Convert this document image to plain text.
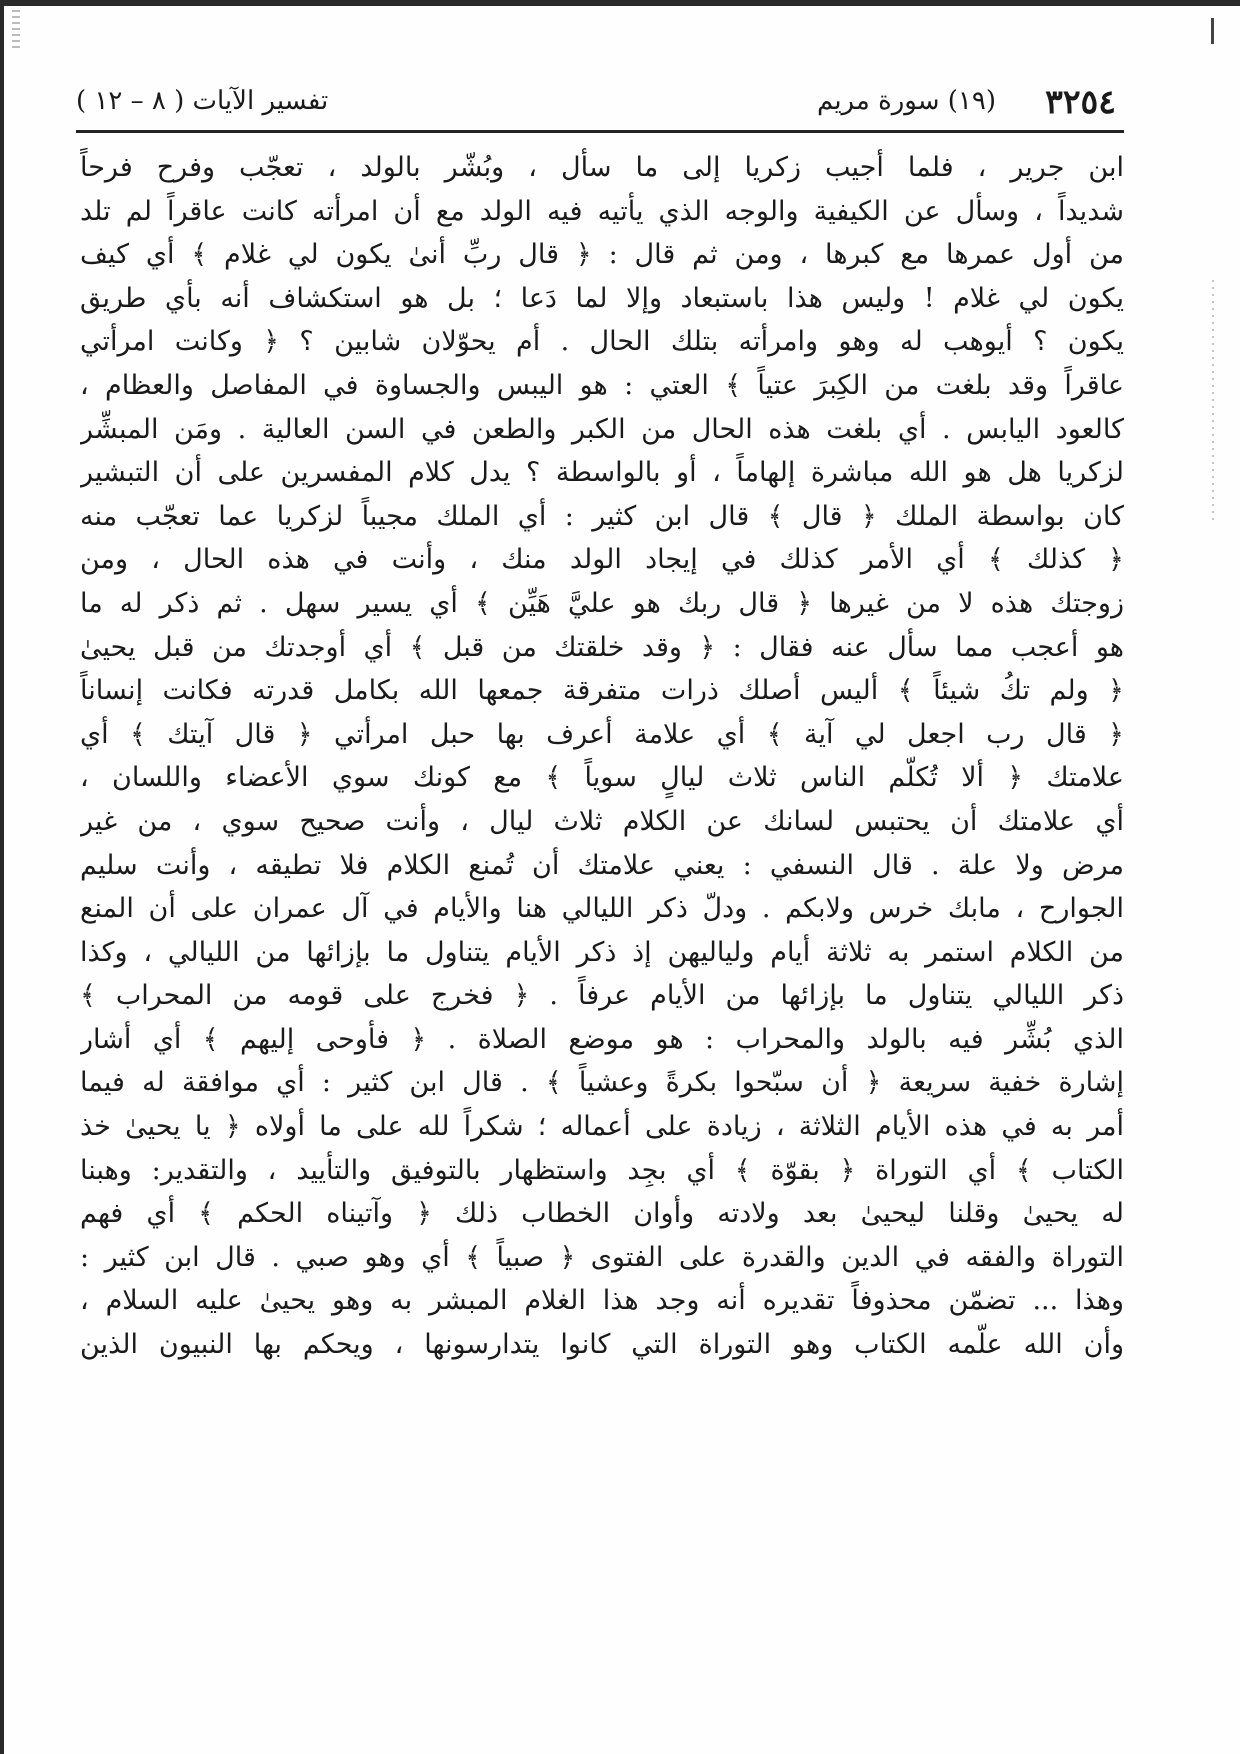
٣٢٥٤
(١٩) سورة مريم
تفسير الآيات ( ٨ – ١٢ )
ابن جرير ، فلما أجيب زكريا إلى ما سأل ، وبُشّر بالولد ، تعجّب وفرح فرحاً
شديداً ، وسأل عن الكيفية والوجه الذي يأتيه فيه الولد مع أن امرأته كانت عاقراً لم تلد
من أول عمرها مع كبرها ، ومن ثم قال : ﴿ قال ربِّ أنىٰ يكون لي غلام ﴾ أي كيف
يكون لي غلام ! وليس هذا باستبعاد وإلا لما دَعا ؛ بل هو استكشاف أنه بأي طريق
يكون ؟ أيوهب له وهو وامرأته بتلك الحال . أم يحوّلان شابين ؟ ﴿ وكانت امرأتي
عاقراً وقد بلغت من الكِبرَ عتياً ﴾ العتي : هو اليبس والجساوة في المفاصل والعظام ،
كالعود اليابس . أي بلغت هذه الحال من الكبر والطعن في السن العالية . ومَن المبشِّر
لزكريا هل هو الله مباشرة إلهاماً ، أو بالواسطة ؟ يدل كلام المفسرين على أن التبشير
كان بواسطة الملك ﴿ قال ﴾ قال ابن كثير : أي الملك مجيباً لزكريا عما تعجّب منه
﴿ كذلك ﴾ أي الأمر كذلك في إيجاد الولد منك ، وأنت في هذه الحال ، ومن
زوجتك هذه لا من غيرها ﴿ قال ربك هو عليَّ هَيِّن ﴾ أي يسير سهل . ثم ذكر له ما
هو أعجب مما سأل عنه فقال : ﴿ وقد خلقتك من قبل ﴾ أي أوجدتك من قبل يحيىٰ
﴿ ولم تكُ شيئاً ﴾ أليس أصلك ذرات متفرقة جمعها الله بكامل قدرته فكانت إنساناً
﴿ قال رب اجعل لي آية ﴾ أي علامة أعرف بها حبل امرأتي ﴿ قال آيتك ﴾ أي
علامتك ﴿ ألا تُكلّم الناس ثلاث ليالٍ سوياً ﴾ مع كونك سوي الأعضاء واللسان ،
أي علامتك أن يحتبس لسانك عن الكلام ثلاث ليال ، وأنت صحيح سوي ، من غير
مرض ولا علة . قال النسفي : يعني علامتك أن تُمنع الكلام فلا تطيقه ، وأنت سليم
الجوارح ، مابك خرس ولابكم . ودلّ ذكر الليالي هنا والأيام في آل عمران على أن المنع
من الكلام استمر به ثلاثة أيام ولياليهن إذ ذكر الأيام يتناول ما بإزائها من الليالي ، وكذا
ذكر الليالي يتناول ما بإزائها من الأيام عرفاً . ﴿ فخرج على قومه من المحراب ﴾
الذي بُشِّر فيه بالولد والمحراب : هو موضع الصلاة . ﴿ فأوحى إليهم ﴾ أي أشار
إشارة خفية سريعة ﴿ أن سبّحوا بكرةً وعشياً ﴾ . قال ابن كثير : أي موافقة له فيما
أمر به في هذه الأيام الثلاثة ، زيادة على أعماله ؛ شكراً لله على ما أولاه ﴿ يا يحيىٰ خذ
الكتاب ﴾ أي التوراة ﴿ بقوّة ﴾ أي بجِد واستظهار بالتوفيق والتأييد ، والتقدير: وهبنا
له يحيىٰ وقلنا ليحيىٰ بعد ولادته وأوان الخطاب ذلك ﴿ وآتيناه الحكم ﴾ أي فهم
التوراة والفقه في الدين والقدرة على الفتوى ﴿ صبياً ﴾ أي وهو صبي . قال ابن كثير :
وهذا ... تضمّن محذوفاً تقديره أنه وجد هذا الغلام المبشر به وهو يحيىٰ عليه السلام ،
وأن الله علّمه الكتاب وهو التوراة التي كانوا يتدارسونها ، ويحكم بها النبيون الذين
